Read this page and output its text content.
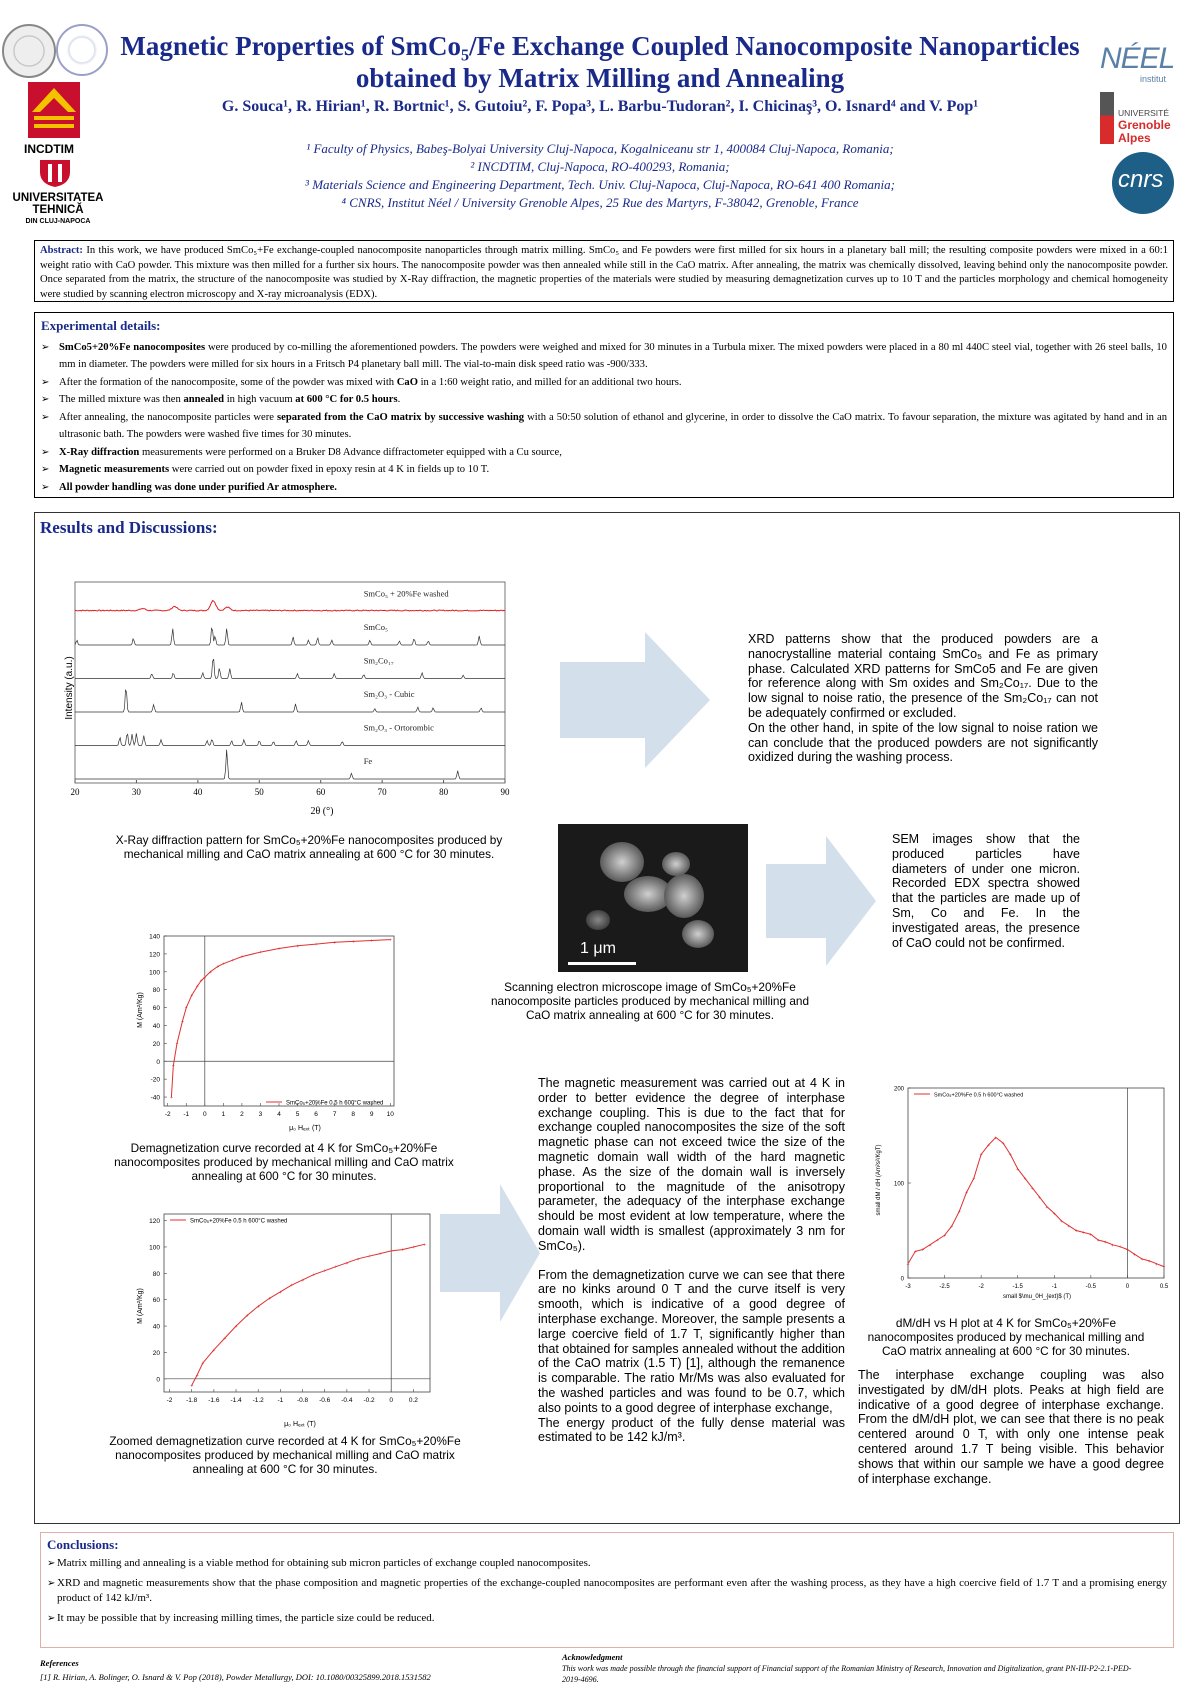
INCDTIM
UNIVERSITATEA
TEHNICĂ
DIN CLUJ-NAPOCA
NÉEL
institut
UNIVERSITÉ
Grenoble
Alpes
cnrs
Magnetic Properties of SmCo₅/Fe Exchange Coupled Nanocomposite Nanoparticles
obtained by Matrix Milling and Annealing
G. Souca¹, R. Hirian¹, R. Bortnic¹, S. Gutoiu², F. Popa³, L. Barbu-Tudoran², I. Chicinaş³, O. Isnard⁴ and V. Pop¹
¹ Faculty of Physics, Babeş-Bolyai University Cluj-Napoca, Kogalniceanu str 1, 400084 Cluj-Napoca, Romania;
² INCDTIM, Cluj-Napoca, RO-400293, Romania;
³ Materials Science and Engineering Department, Tech. Univ. Cluj-Napoca, Cluj-Napoca, RO-641 400 Romania;
⁴ CNRS, Institut Néel / University Grenoble Alpes, 25 Rue des Martyrs, F-38042, Grenoble, France
Abstract: In this work, we have produced SmCo₅+Fe exchange-coupled nanocomposite nanoparticles through matrix milling. SmCo₅ and Fe powders were first milled for six hours in a planetary ball mill; the resulting composite powders were mixed in a 60:1 weight ratio with CaO powder. This mixture was then milled for a further six hours. The nanocomposite powder was then annealed while still in the CaO matrix. After annealing, the matrix was chemically dissolved, leaving behind only the nanocomposite powder. Once separated from the matrix, the structure of the nanocomposite was studied by X-Ray diffraction, the magnetic properties of the materials were studied by measuring demagnetization curves up to 10 T and the particles morphology and chemical homogeneity were studied by scanning electron microscopy and X-ray microanalysis (EDX).
Experimental details:
➢ SmCo5+20%Fe nanocomposites were produced by co-milling the aforementioned powders. The powders were weighed and mixed for 30 minutes in a Turbula mixer. The mixed powders were placed in a 80 ml 440C steel vial, together with 26 steel balls, 10 mm in diameter. The powders were milled for six hours in a Fritsch P4 planetary ball mill. The vial-to-main disk speed ratio was -900/333.
➢ After the formation of the nanocomposite, some of the powder was mixed with CaO in a 1:60 weight ratio, and milled for an additional two hours.
➢ The milled mixture was then annealed in high vacuum at 600 °C for 0.5 hours.
➢ After annealing, the nanocomposite particles were separated from the CaO matrix by successive washing with a 50:50 solution of ethanol and glycerine, in order to dissolve the CaO matrix. To favour separation, the mixture was agitated by hand and in an ultrasonic bath. The powders were washed five times for 30 minutes.
➢ X-Ray diffraction measurements were performed on a Bruker D8 Advance diffractometer equipped with a Cu source,
➢ Magnetic measurements were carried out on powder fixed in epoxy resin at 4 K in fields up to 10 T.
➢ All powder handling was done under purified Ar atmosphere.
Results and Discussions:
20	30	40	50	60	70	80	90
SmCo₅ + 20%Fe washed
SmCo₅
Sm₂Co₁₇
Sm₂O₃ - Cubic
Sm₂O₃ - Ortorombic
Fe
Intensity (a.u.)
2θ (°)
XRD patterns show that the produced powders are a nanocrystalline material containg SmCo₅ and Fe as primary phase. Calculated XRD patterns for SmCo5 and Fe are given for reference along with Sm oxides and Sm₂Co₁₇. Due to the low signal to noise ratio, the presence of the Sm₂Co₁₇ can not be adequately confirmed or excluded.
On the other hand, in spite of the low signal to noise ration we can conclude that the produced powders are not significantly oxidized during the washing process.
X-Ray diffraction pattern for SmCo₅+20%Fe nanocomposites produced by mechanical milling and CaO matrix annealing at 600 °C for 30 minutes.
1 μm
SEM images show that the produced particles have diameters of under one micron. Recorded EDX spectra showed that the particles are made up of Sm, Co and Fe. In the investigated areas, the presence of CaO could not be confirmed.
Scanning electron microscope image of SmCo₅+20%Fe nanocomposite particles produced by mechanical milling and CaO matrix annealing at 600 °C for 30 minutes.
-2 -1 0 1 2 3 4 5 6 7 8 9 10
-40
-20
0
20
40
60
80
100
120
140
+
+
+
+
+
+
+
+
+
+
+ +
+
+
+
+	+	+	+	+	+	+
SmCo₅+20%Fe 0.5 h 600°C washed
M (Am²/Kg)
μ₀ Hₑₓₜ (T)
Demagnetization curve recorded at 4 K for SmCo₅+20%Fe nanocomposites produced by mechanical milling and CaO matrix annealing at 600 °C for 30 minutes.
-2 -1.8 -1.6 -1.4 -1.2 -1 -0.8 -0.6 -0.4 -0.2 0 0.2
0
20
40
60
80
100
120
+
+
+
+
+
+
+
+
+
+
+
+
+
+
+
+
+ + + + + + +
SmCo₅+20%Fe 0.5 h 600°C washed
M (Am²/Kg)
μ₀ Hₑₓₜ (T)
Zoomed demagnetization curve recorded at 4 K for SmCo₅+20%Fe nanocomposites produced by mechanical milling and CaO matrix annealing at 600 °C for 30 minutes.
The magnetic measurement was carried out at 4 K in order to better evidence the degree of interphase exchange coupling. This is due to the fact that for exchange coupled nanocomposites the size of the soft magnetic phase can not exceed twice the size of the magnetic domain wall width of the hard magnetic phase. As the size of the domain wall is inversely proportional to the magnitude of the anisotropy parameter, the adequacy of the interphase exchange should be most evident at low temperature, where the domain wall width is smallest (approximately 3 nm for SmCo₅).
From the demagnetization curve we can see that there are no kinks around 0 T and the curve itself is very smooth, which is indicative of a good degree of interphase exchange. Moreover, the sample presents a large coercive field of 1.7 T, significantly higher than that obtained for samples annealed without the addition of the CaO matrix (1.5 T) [1], although the remanence is comparable. The ratio Mr/Ms was also evaluated for the washed particles and was found to be 0.7, which also points to a good degree of interphase exchange,
The energy product of the fully dense material was estimated to be 142 kJ/m³.
-3	-2.5	-2	-1.5	-1	-0.5	0	0.5
0
100
200
+
+ +
+
+
+
+
+
+
+
+
+
+
+
+
+
+
+
+
+
+
+
+
+ + +
+ + + + +
+
+ + + +
SmCo₅+20%Fe 0.5 h 600°C washed
small dM / dH (Am²s²/KgT)
small $\mu_0H_{ext}$ (T)
dM/dH vs H plot at 4 K for SmCo₅+20%Fe nanocomposites produced by mechanical milling and CaO matrix annealing at 600 °C for 30 minutes.
The interphase exchange coupling was also investigated by dM/dH plots. Peaks at high field are indicative of a good degree of interphase exchange. From the dM/dH plot, we can see that there is no peak centered around 0 T, with only one intense peak centered around 1.7 T being visible. This behavior shows that within our sample we have a good degree of interphase exchange.
Conclusions:
➢ Matrix milling and annealing is a viable method for obtaining sub micron particles of exchange coupled nanocomposites.
➢ XRD and magnetic measurements show that the phase composition and magnetic properties of the exchange-coupled nanocomposites are performant even after the washing process, as they have a high coercive field of 1.7 T and a promising energy product of 142 kJ/m³.
➢ It may be possible that by increasing milling times, the particle size could be reduced.
References
[1] R. Hirian, A. Bolinger, O. Isnard & V. Pop (2018), Powder Metallurgy, DOI: 10.1080/00325899.2018.1531582
Acknowledgment
This work was made possible through the financial support of Financial support of the Romanian Ministry of Research, Innovation and Digitalization, grant PN-III-P2-2.1-PED-2019-4696.
